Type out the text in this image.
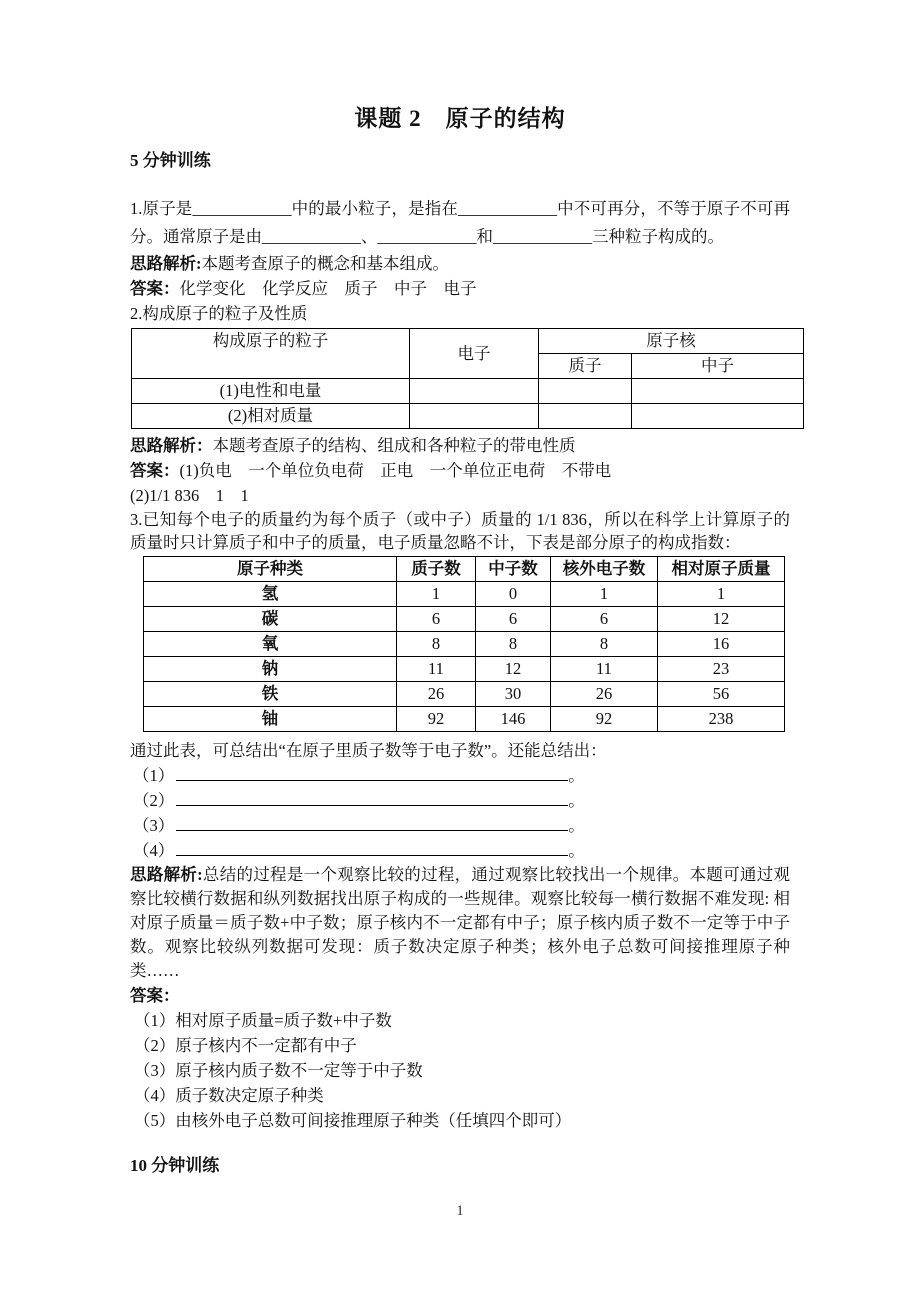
课题 2　原子的结构
5 分钟训练

1.原子是____________中的最小粒子，是指在____________中不可再分，不等于原子不可再分。通常原子是由____________、____________和____________三种粒子构成的。

思路解析:本题考查原子的概念和基本组成。

答案：化学变化　化学反应　质子　中子　电子

2.构成原子的粒子及性质

构成原子的粒子	电子	原子核	
		质子	中子
(1)电性和电量			
(2)相对质量			

思路解析：本题考查原子的结构、组成和各种粒子的带电性质

答案：(1)负电　一个单位负电荷　正电　一个单位正电荷　不带电

(2)1/1 836　1　1

3.已知每个电子的质量约为每个质子（或中子）质量的 1/1 836，所以在科学上计算原子的质量时只计算质子和中子的质量，电子质量忽略不计，下表是部分原子的构成指数：

原子种类	质子数	中子数	核外电子数	相对原子质量
氢	1	0	1	1
碳	6	6	6	12
氧	8	8	8	16
钠	11	12	11	23
铁	26	30	26	56
铀	92	146	92	238

通过此表，可总结出“在原子里质子数等于电子数”。还能总结出：

（1）	。
（2）	。
（3）	。
（4）	。

思路解析:总结的过程是一个观察比较的过程，通过观察比较找出一个规律。本题可通过观察比较横行数据和纵列数据找出原子构成的一些规律。观察比较每一横行数据不难发现: 相对原子质量＝质子数+中子数；原子核内不一定都有中子；原子核内质子数不一定等于中子数。观察比较纵列数据可发现：质子数决定原子种类；核外电子总数可间接推理原子种类……

答案：

（1）相对原子质量=质子数+中子数

（2）原子核内不一定都有中子

（3）原子核内质子数不一定等于中子数

（4）质子数决定原子种类

（5）由核外电子总数可间接推理原子种类（任填四个即可）

10 分钟训练
1
